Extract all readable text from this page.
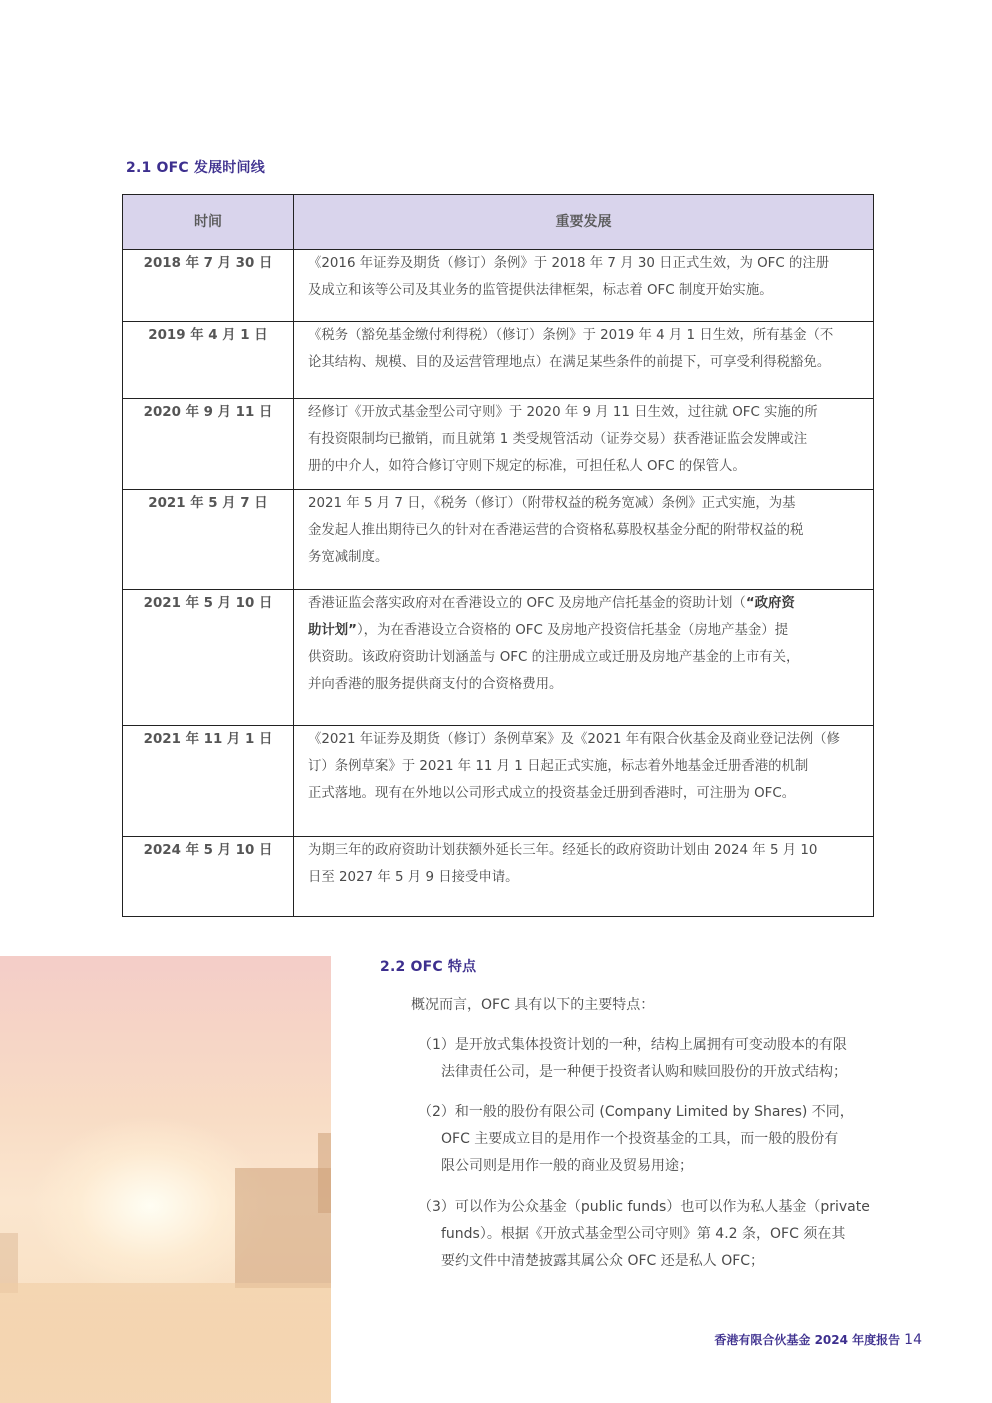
2.1 OFC 发展时间线
时间	重要发展
2018 年 7 月 30 日	《2016 年证券及期货（修订）条例》于 2018 年 7 月 30 日正式生效，为 OFC 的注册
及成立和该等公司及其业务的监管提供法律框架，标志着 OFC 制度开始实施。

2019 年 4 月 1 日	《税务（豁免基金缴付利得税）（修订）条例》于 2019 年 4 月 1 日生效，所有基金（不
论其结构、规模、目的及运营管理地点）在满足某些条件的前提下，可享受利得税豁免。

2020 年 9 月 11 日	经修订《开放式基金型公司守则》于 2020 年 9 月 11 日生效，过往就 OFC 实施的所
有投资限制均已撤销，而且就第 1 类受规管活动（证券交易）获香港证监会发牌或注
册的中介人，如符合修订守则下规定的标准，可担任私人 OFC 的保管人。

2021 年 5 月 7 日	2021 年 5 月 7 日，《税务（修订）（附带权益的税务宽减）条例》正式实施，为基
金发起人推出期待已久的针对在香港运营的合资格私募股权基金分配的附带权益的税
务宽减制度。

2021 年 5 月 10 日	香港证监会落实政府对在香港设立的 OFC 及房地产信托基金的资助计划（“政府资
助计划”），为在香港设立合资格的 OFC 及房地产投资信托基金（房地产基金）提
供资助。该政府资助计划涵盖与 OFC 的注册成立或迁册及房地产基金的上市有关，
并向香港的服务提供商支付的合资格费用。

2021 年 11 月 1 日	《2021 年证券及期货（修订）条例草案》及《2021 年有限合伙基金及商业登记法例（修
订）条例草案》于 2021 年 11 月 1 日起正式实施，标志着外地基金迁册香港的机制
正式落地。现有在外地以公司形式成立的投资基金迁册到香港时，可注册为 OFC。

2024 年 5 月 10 日	为期三年的政府资助计划获额外延长三年。经延长的政府资助计划由 2024 年 5 月 10
日至 2027 年 5 月 9 日接受申请。
2.2 OFC 特点
概况而言，OFC 具有以下的主要特点：
（1）是开放式集体投资计划的一种，结构上属拥有可变动股本的有限
法律责任公司，是一种便于投资者认购和赎回股份的开放式结构；
（2）和一般的股份有限公司 (Company Limited by Shares) 不同，
OFC 主要成立目的是用作一个投资基金的工具，而一般的股份有
限公司则是用作一般的商业及贸易用途；
（3）可以作为公众基金（public funds）也可以作为私人基金（private
funds）。根据《开放式基金型公司守则》第 4.2 条，OFC 须在其
要约文件中清楚披露其属公众 OFC 还是私人 OFC；
香港有限合伙基金 2024 年度报告 14
